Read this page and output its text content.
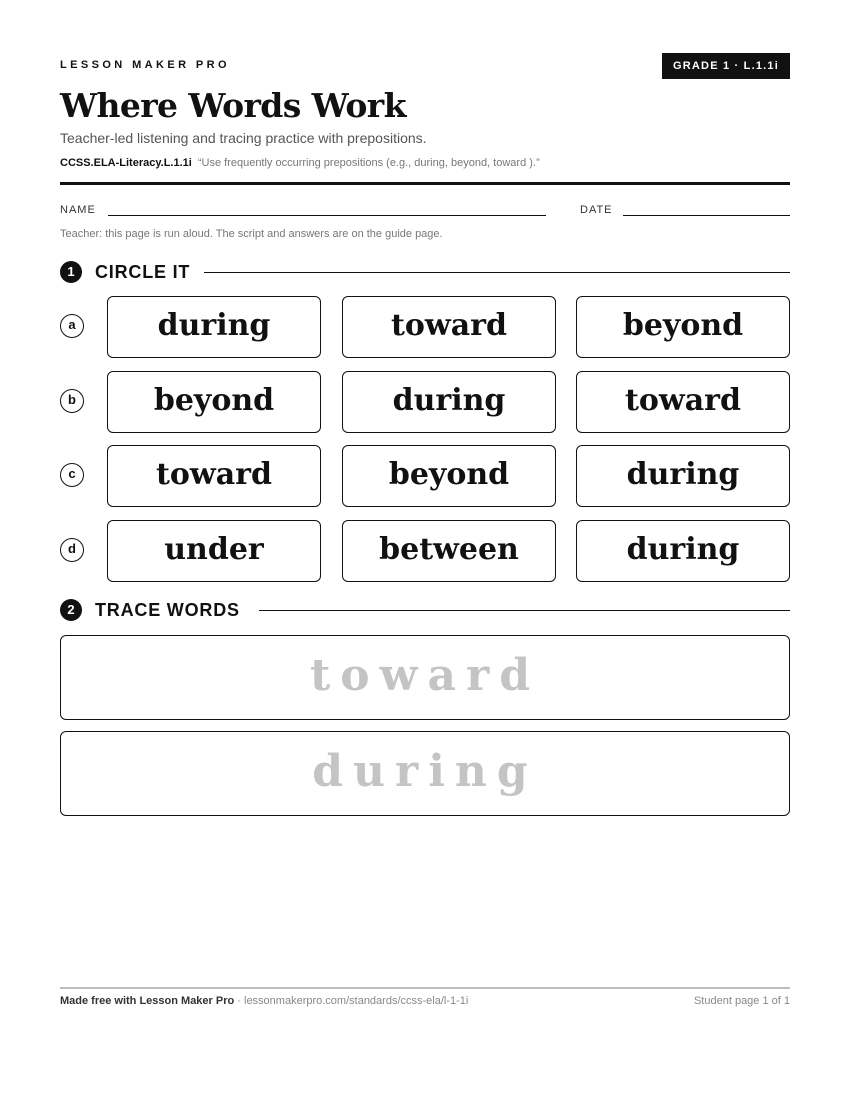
LESSON MAKER PRO	GRADE 1 · L.1.1i
Where Words Work
Teacher-led listening and tracing practice with prepositions.
CCSS.ELA-Literacy.L.1.1i “Use frequently occurring prepositions (e.g., during, beyond, toward ).”
NAME	DATE
Teacher: this page is run aloud. The script and answers are on the guide page.
1	CIRCLE IT
a	during	toward	beyond
b	beyond	during	toward
c	toward	beyond	during
d	under	between	during
2	TRACE WORDS
toward
during
Made free with Lesson Maker Pro · lessonmakerpro.com/standards/ccss-ela/l-1-1i	Student page 1 of 1
